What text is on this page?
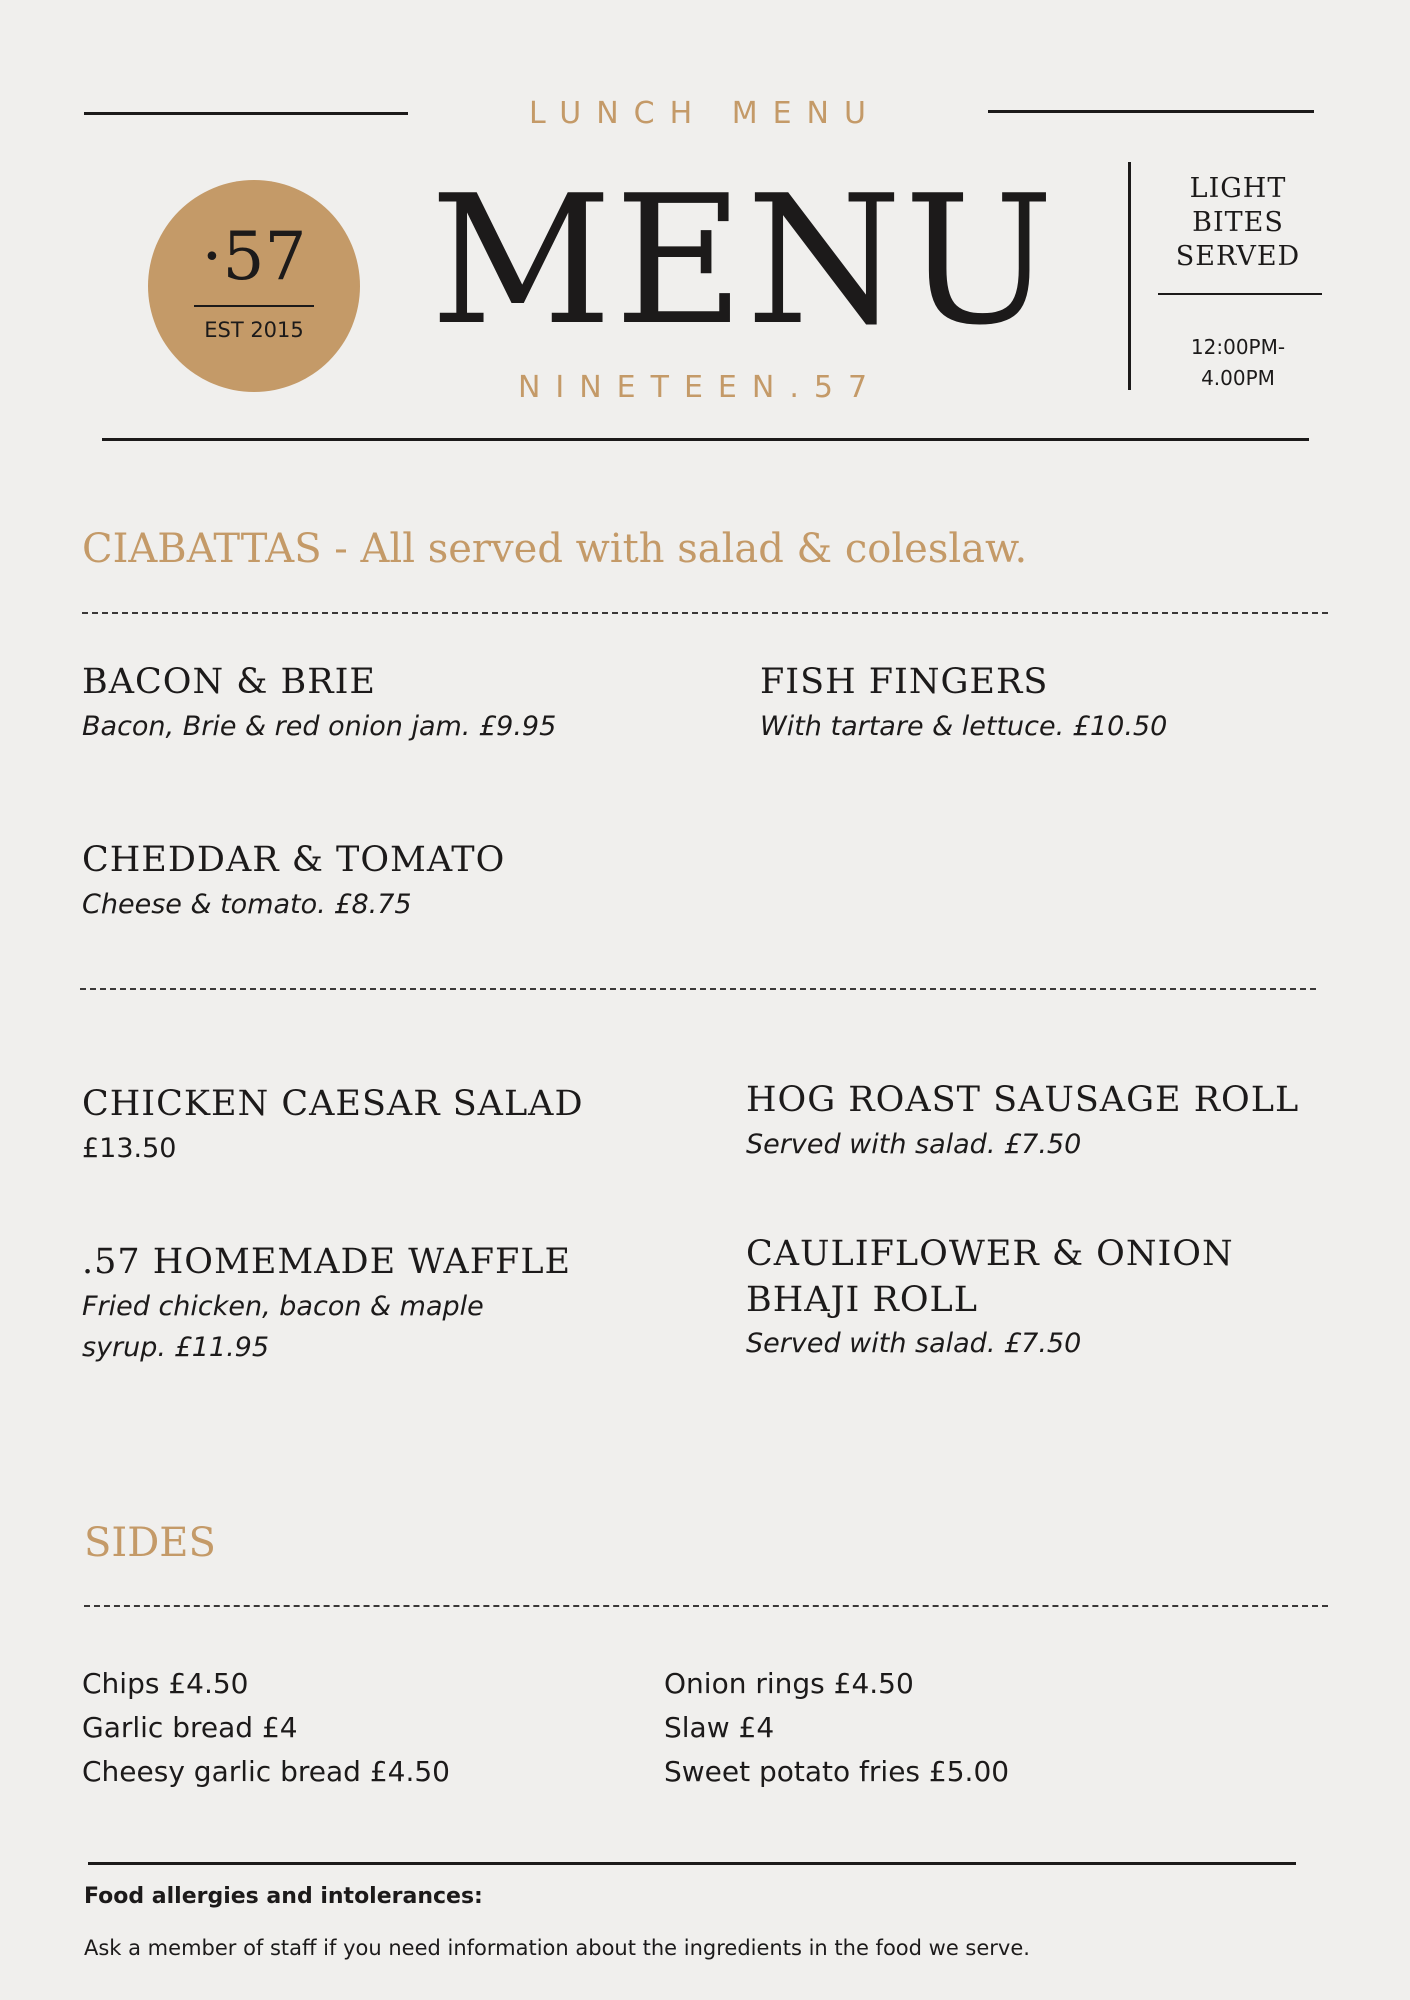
LUNCH MENU
·57
EST 2015 MENU
NINETEEN.57
LIGHT
BITES
SERVED
12:00PM-
4.00PM
CIABATTAS - All served with salad & coleslaw.
BACON & BRIE
Bacon, Brie & red onion jam. £9.95
FISH FINGERS
With tartare & lettuce. £10.50
CHEDDAR & TOMATO
Cheese & tomato. £8.75
CHICKEN CAESAR SALAD
£13.50
HOG ROAST SAUSAGE ROLL
Served with salad. £7.50
.57 HOMEMADE WAFFLE
Fried chicken, bacon & maple
syrup. £11.95
CAULIFLOWER & ONION
BHAJI ROLL
Served with salad. £7.50
SIDES
Chips £4.50
Garlic bread £4
Cheesy garlic bread £4.50
Onion rings £4.50
Slaw £4
Sweet potato fries £5.00
Food allergies and intolerances:
Ask a member of staff if you need information about the ingredients in the food we serve.
